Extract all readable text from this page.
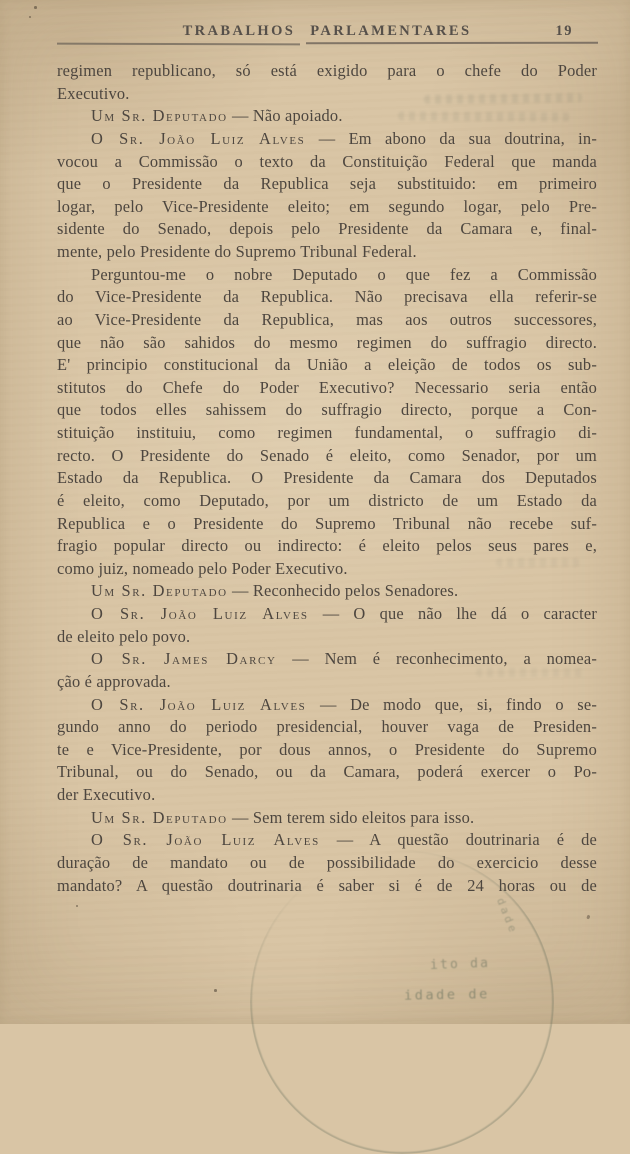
TRABALHOS PARLAMENTARES	19
regimen republicano, só está exigido para o chefe do Poder
Executivo.
Um Sr. Deputado — Não apoiado.
O Sr. João Luiz Alves — Em abono da sua doutrina, in-
vocou a Commissão o texto da Constituição Federal que manda
que o Presidente da Republica seja substituido: em primeiro
logar, pelo Vice-Presidente eleito; em segundo logar, pelo Pre-
sidente do Senado, depois pelo Presidente da Camara e, final-
mente, pelo Presidente do Supremo Tribunal Federal.
Perguntou-me o nobre Deputado o que fez a Commissão
do Vice-Presidente da Republica. Não precisava ella referir-se
ao Vice-Presidente da Republica, mas aos outros successores,
que não são sahidos do mesmo regimen do suffragio directo.
E' principio constitucional da União a eleição de todos os sub-
stitutos do Chefe do Poder Executivo? Necessario seria então
que todos elles sahissem do suffragio directo, porque a Con-
stituição instituiu, como regimen fundamental, o suffragio di-
recto. O Presidente do Senado é eleito, como Senador, por um
Estado da Republica. O Presidente da Camara dos Deputados
é eleito, como Deputado, por um districto de um Estado da
Republica e o Presidente do Supremo Tribunal não recebe suf-
fragio popular directo ou indirecto: é eleito pelos seus pares e,
como juiz, nomeado pelo Poder Executivo.
Um Sr. Deputado — Reconhecido pelos Senadores.
O Sr. João Luiz Alves — O que não lhe dá o caracter
de eleito pelo povo.
O Sr. James Darcy — Nem é reconhecimento, a nomea-
ção é approvada.
O Sr. João Luiz Alves — De modo que, si, findo o se-
gundo anno do periodo presidencial, houver vaga de Presiden-
te e Vice-Presidente, por dous annos, o Presidente do Supremo
Tribunal, ou do Senado, ou da Camara, poderá exercer o Po-
der Executivo.
Um Sr. Deputado — Sem terem sido eleitos para isso.
O Sr. João Luiz Alves — A questão doutrinaria é de
duração de mandato ou de possibilidade do exercicio desse
mandato? A questão doutrinaria é saber si é de 24 horas ou de
dade
ito da
idade de
